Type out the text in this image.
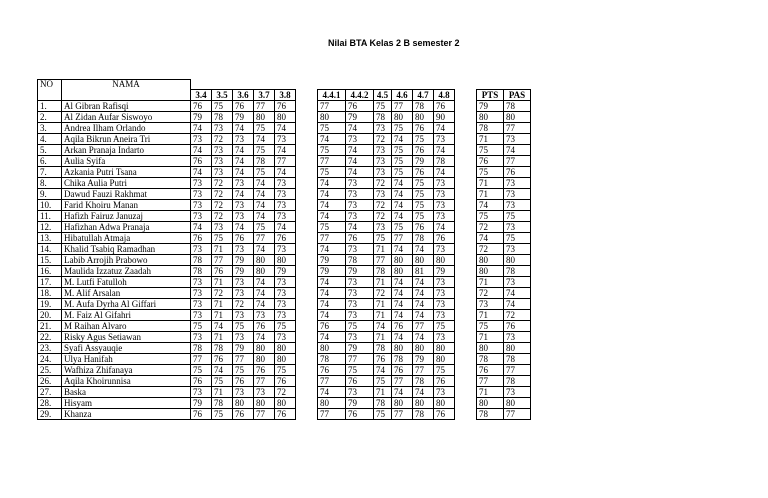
Nilai BTA Kelas 2 B semester 2
NO	NAMA															
		3.4	3.5	3.6	3.7	3.8		4.4.1	4.4.2	4.5	4.6	4.7	4.8		PTS	PAS
1.	Al Gibran Rafisqi	76	75	76	77	76		77	76	75	77	78	76		79	78
2.	Al Zidan Aufar Siswoyo	79	78	79	80	80		80	79	78	80	80	90		80	80
3.	Andrea Ilham Orlando	74	73	74	75	74		75	74	73	75	76	74		78	77
4.	Aqila Bikrun Aneira Tri	73	72	73	74	73		74	73	72	74	75	73		71	73
5.	Arkan Pranaja Indarto	74	73	74	75	74		75	74	73	75	76	74		75	74
6.	Aulia Syifa	76	73	74	78	77		77	74	73	75	79	78		76	77
7.	Azkania Putri Tsana	74	73	74	75	74		75	74	73	75	76	74		75	76
8.	Chika Aulia Putri	73	72	73	74	73		74	73	72	74	75	73		71	73
9.	Dawud Fauzi Rakhmat	73	72	74	74	73		74	73	73	74	75	73		71	73
10.	Farid Khoiru Manan	73	72	73	74	73		74	73	72	74	75	73		74	73
11.	Hafizh Fairuz Januzaj	73	72	73	74	73		74	73	72	74	75	73		75	75
12.	Hafizhan Adwa Pranaja	74	73	74	75	74		75	74	73	75	76	74		72	73
13.	Hibatullah Atmaja	76	75	76	77	76		77	76	75	77	78	76		74	75
14.	Khalid Tsabiq Ramadhan	73	71	73	74	73		74	73	71	74	74	73		72	73
15.	Labib Arrojih Prabowo	78	77	79	80	80		79	78	77	80	80	80		80	80
16.	Maulida Izzatuz Zaadah	78	76	79	80	79		79	79	78	80	81	79		80	78
17.	M. Lutfi Fatulloh	73	71	73	74	73		74	73	71	74	74	73		71	73
18.	M. Alif Arsalan	73	72	73	74	73		74	73	72	74	74	73		72	74
19.	M. Aufa Dyrha Al Giffari	73	71	72	74	73		74	73	71	74	74	73		73	74
20.	M. Faiz Al Gifahri	73	71	73	73	73		74	73	71	74	74	73		71	72
21.	M Raihan Alvaro	75	74	75	76	75		76	75	74	76	77	75		75	76
22.	Risky Agus Setiawan	73	71	73	74	73		74	73	71	74	74	73		71	73
23.	Syafi Assyauqie	78	78	79	80	80		80	79	78	80	80	80		80	80
24.	Ulya Hanifah	77	76	77	80	80		78	77	76	78	79	80		78	78
25.	Wafhiza Zhifanaya	75	74	75	76	75		76	75	74	76	77	75		76	77
26.	Aqila Khoirunnisa	76	75	76	77	76		77	76	75	77	78	76		77	78
27.	Baska	73	71	73	73	72		74	73	71	74	74	73		71	73
28.	Hisyam	79	78	80	80	80		80	79	78	80	80	80		80	80
29.	Khanza	76	75	76	77	76		77	76	75	77	78	76		78	77
